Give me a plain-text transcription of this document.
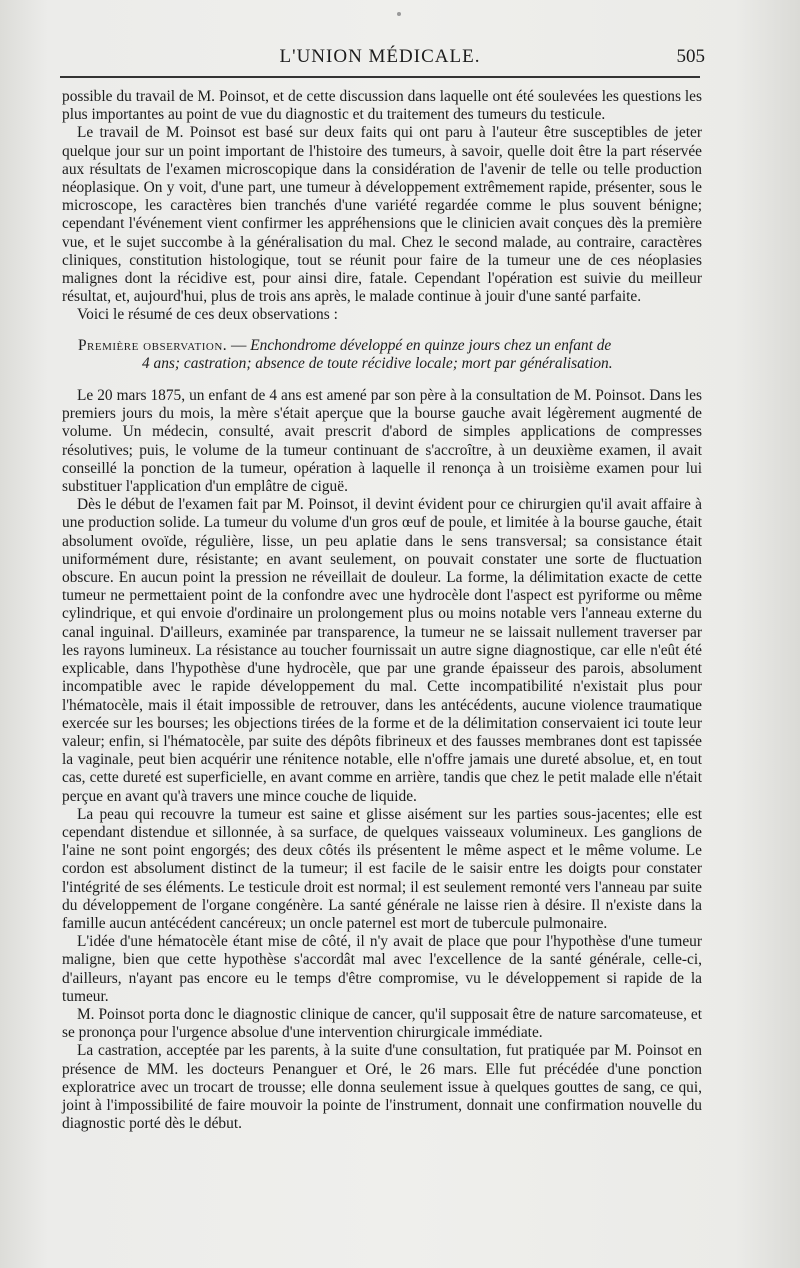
L'UNION MÉDICALE.	505

possible du travail de M. Poinsot, et de cette discussion dans laquelle ont été soulevées les questions les plus importantes au point de vue du diagnostic et du traitement des tumeurs du testicule.

Le travail de M. Poinsot est basé sur deux faits qui ont paru à l'auteur être susceptibles de jeter quelque jour sur un point important de l'histoire des tumeurs, à savoir, quelle doit être la part réservée aux résultats de l'examen microscopique dans la considération de l'avenir de telle ou telle production néoplasique. On y voit, d'une part, une tumeur à développement extrêmement rapide, présenter, sous le microscope, les caractères bien tranchés d'une variété regardée comme le plus souvent bénigne; cependant l'événement vient confirmer les appréhensions que le clinicien avait conçues dès la première vue, et le sujet succombe à la généralisation du mal. Chez le second malade, au contraire, caractères cliniques, constitution histologique, tout se réunit pour faire de la tumeur une de ces néoplasies malignes dont la récidive est, pour ainsi dire, fatale. Cependant l'opération est suivie du meilleur résultat, et, aujourd'hui, plus de trois ans après, le malade continue à jouir d'une santé parfaite.

Voici le résumé de ces deux observations :

Première observation. — Enchondrome développé en quinze jours chez un enfant de
4 ans; castration; absence de toute récidive locale; mort par généralisation.

Le 20 mars 1875, un enfant de 4 ans est amené par son père à la consultation de M. Poinsot. Dans les premiers jours du mois, la mère s'était aperçue que la bourse gauche avait légèrement augmenté de volume. Un médecin, consulté, avait prescrit d'abord de simples applications de compresses résolutives; puis, le volume de la tumeur continuant de s'accroître, à un deuxième examen, il avait conseillé la ponction de la tumeur, opération à laquelle il renonça à un troisième examen pour lui substituer l'application d'un emplâtre de ciguë.

Dès le début de l'examen fait par M. Poinsot, il devint évident pour ce chirurgien qu'il avait affaire à une production solide. La tumeur du volume d'un gros œuf de poule, et limitée à la bourse gauche, était absolument ovoïde, régulière, lisse, un peu aplatie dans le sens transversal; sa consistance était uniformément dure, résistante; en avant seulement, on pouvait constater une sorte de fluctuation obscure. En aucun point la pression ne réveillait de douleur. La forme, la délimitation exacte de cette tumeur ne permettaient point de la confondre avec une hydrocèle dont l'aspect est pyriforme ou même cylindrique, et qui envoie d'ordinaire un prolongement plus ou moins notable vers l'anneau externe du canal inguinal. D'ailleurs, examinée par transparence, la tumeur ne se laissait nullement traverser par les rayons lumineux. La résistance au toucher fournissait un autre signe diagnostique, car elle n'eût été explicable, dans l'hypothèse d'une hydrocèle, que par une grande épaisseur des parois, absolument incompatible avec le rapide développement du mal. Cette incompatibilité n'existait plus pour l'hématocèle, mais il était impossible de retrouver, dans les antécédents, aucune violence traumatique exercée sur les bourses; les objections tirées de la forme et de la délimitation conservaient ici toute leur valeur; enfin, si l'hématocèle, par suite des dépôts fibrineux et des fausses membranes dont est tapissée la vaginale, peut bien acquérir une rénitence notable, elle n'offre jamais une dureté absolue, et, en tout cas, cette dureté est superficielle, en avant comme en arrière, tandis que chez le petit malade elle n'était perçue en avant qu'à travers une mince couche de liquide.

La peau qui recouvre la tumeur est saine et glisse aisément sur les parties sous-jacentes; elle est cependant distendue et sillonnée, à sa surface, de quelques vaisseaux volumineux. Les ganglions de l'aine ne sont point engorgés; des deux côtés ils présentent le même aspect et le même volume. Le cordon est absolument distinct de la tumeur; il est facile de le saisir entre les doigts pour constater l'intégrité de ses éléments. Le testicule droit est normal; il est seulement remonté vers l'anneau par suite du développement de l'organe congénère. La santé générale ne laisse rien à désire. Il n'existe dans la famille aucun antécédent cancéreux; un oncle paternel est mort de tubercule pulmonaire.

L'idée d'une hématocèle étant mise de côté, il n'y avait de place que pour l'hypothèse d'une tumeur maligne, bien que cette hypothèse s'accordât mal avec l'excellence de la santé générale, celle-ci, d'ailleurs, n'ayant pas encore eu le temps d'être compromise, vu le développement si rapide de la tumeur.

M. Poinsot porta donc le diagnostic clinique de cancer, qu'il supposait être de nature sarcomateuse, et se prononça pour l'urgence absolue d'une intervention chirurgicale immédiate.

La castration, acceptée par les parents, à la suite d'une consultation, fut pratiquée par M. Poinsot en présence de MM. les docteurs Penanguer et Oré, le 26 mars. Elle fut précédée d'une ponction exploratrice avec un trocart de trousse; elle donna seulement issue à quelques gouttes de sang, ce qui, joint à l'impossibilité de faire mouvoir la pointe de l'instrument, donnait une confirmation nouvelle du diagnostic porté dès le début.
